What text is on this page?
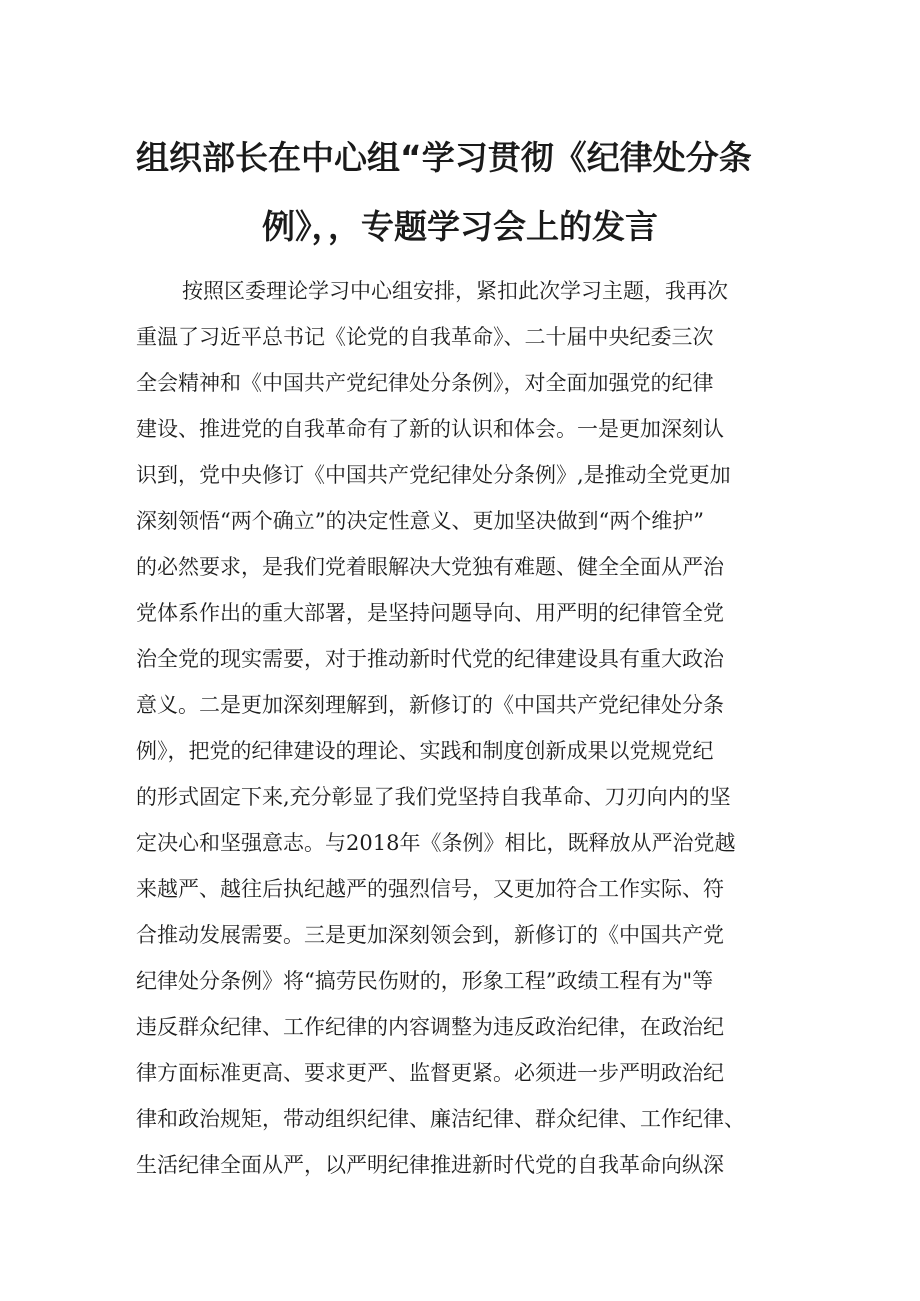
组织部长在中心组“学习贯彻《纪律处分条
例》，，专题学习会上的发言
按照区委理论学习中心组安排，紧扣此次学习主题，我再次
重温了习近平总书记《论党的自我革命》、二十届中央纪委三次
全会精神和《中国共产党纪律处分条例》，对全面加强党的纪律
建设、推进党的自我革命有了新的认识和体会。一是更加深刻认
识到，党中央修订《中国共产党纪律处分条例》,是推动全党更加
深刻领悟“两个确立”的决定性意义、更加坚决做到“两个维护”
的必然要求，是我们党着眼解决大党独有难题、健全全面从严治
党体系作出的重大部署，是坚持问题导向、用严明的纪律管全党
治全党的现实需要，对于推动新时代党的纪律建设具有重大政治
意义。二是更加深刻理解到，新修订的《中国共产党纪律处分条
例》，把党的纪律建设的理论、实践和制度创新成果以党规党纪
的形式固定下来,充分彰显了我们党坚持自我革命、刀刃向内的坚
定决心和坚强意志。与2018年《条例》相比，既释放从严治党越
来越严、越往后执纪越严的强烈信号，又更加符合工作实际、符
合推动发展需要。三是更加深刻领会到，新修订的《中国共产党
纪律处分条例》将“搞劳民伤财的，形象工程”政绩工程有为"等
违反群众纪律、工作纪律的内容调整为违反政治纪律，在政治纪
律方面标准更高、要求更严、监督更紧。必须进一步严明政治纪
律和政治规矩，带动组织纪律、廉洁纪律、群众纪律、工作纪律、
生活纪律全面从严，以严明纪律推进新时代党的自我革命向纵深
